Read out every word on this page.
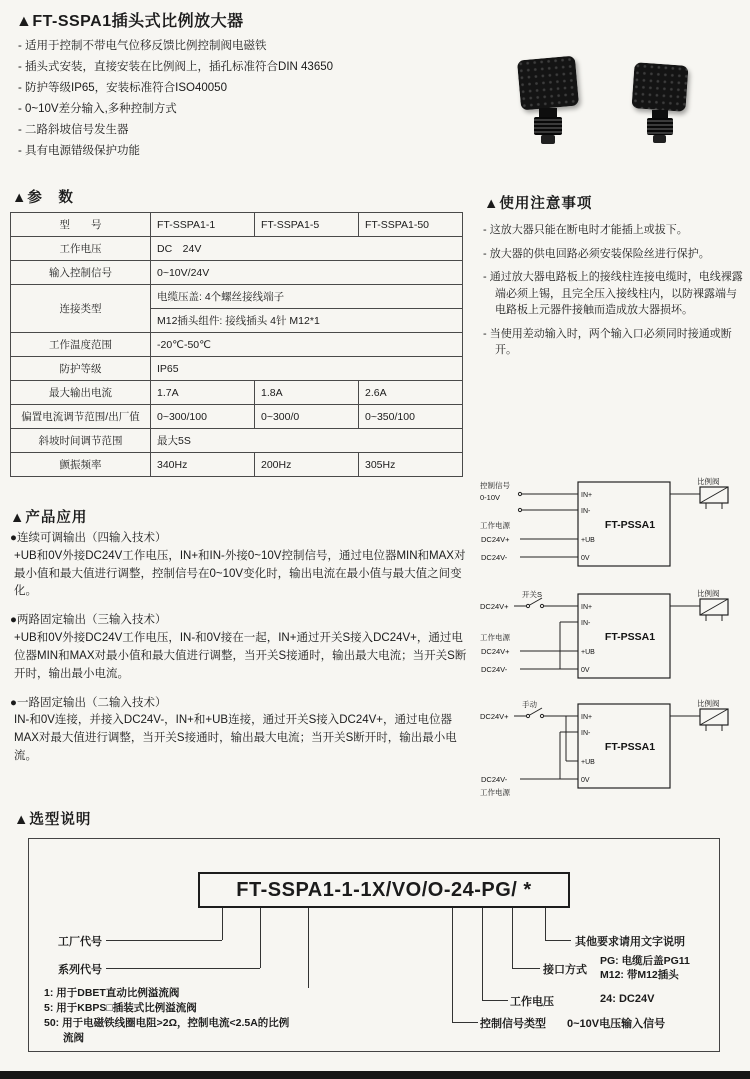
▲FT-SSPA1插头式比例放大器
- 适用于控制不带电气位移反馈比例控制阀电磁铁
- 插头式安装，直接安装在比例阀上，插孔标准符合DIN 43650
- 防护等级IP65，安装标准符合ISO40050
- 0~10V差分输入,多种控制方式
- 二路斜坡信号发生器
- 具有电源错级保护功能
▲参　数
型　　号	FT-SSPA1-1	FT-SSPA1-5	FT-SSPA1-50
工作电压	DC　24V		
输入控制信号	0~10V/24V		
连接类型	电缆压盖: 4个螺丝接线端子		
	M12插头组件: 接线插头 4针 M12*1		
工作温度范围	-20℃-50℃		
防护等级	IP65		
最大输出电流	1.7A	1.8A	2.6A
偏置电流调节范围/出厂值	0~300/100	0~300/0	0~350/100
斜坡时间调节范围	最大5S		
颤振频率	340Hz	200Hz	305Hz
▲使用注意事项
- 这放大器只能在断电时才能插上或拔下。
- 放大器的供电回路必须安装保险丝进行保护。
- 通过放大器电路板上的接线柱连接电缆时，电线裸露端必须上锡，且完全压入接线柱内，以防裸露端与电路板上元器件接触而造成放大器损坏。
- 当使用差动输入时，两个输入口必须同时接通或断开。
控制信号
0-10V
工作电源
DC24V+
DC24V-
IN+
IN-
+UB
0V
FT-PSSA1
比例阀
开关S
DC24V+
工作电源
DC24V+
DC24V-
IN+
IN-
+UB
0V
FT-PSSA1
比例阀
手动
DC24V+
DC24V-
工作电源
IN+
IN-
+UB
0V
FT-PSSA1
比例阀
▲产品应用
●连续可调输出（四输入技术）
+UB和0V外接DC24V工作电压，IN+和IN-外接0~10V控制信号，通过电位器MIN和MAX对最小值和最大值进行调整，控制信号在0~10V变化时，输出电流在最小值与最大值之间变化。
●两路固定输出（三输入技术）
+UB和0V外接DC24V工作电压，IN-和0V接在一起，IN+通过开关S接入DC24V+，通过电位器MIN和MAX对最小值和最大值进行调整，当开关S接通时，输出最大电流；当开关S断开时，输出最小电流。
●一路固定输出（二输入技术）
IN-和0V连接，并接入DC24V-，IN+和+UB连接，通过开关S接入DC24V+，通过电位器MAX对最大值进行调整，当开关S接通时，输出最大电流；当开关S断开时，输出最小电流。
▲选型说明
FT-SSPA1-1-1X/VO/O-24-PG/ *
工厂代号
系列代号
1: 用于DBET直动比例溢流阀
5: 用于KBPS□插装式比例溢流阀
50: 用于电磁铁线圈电阻>2Ω，控制电流<2.5A的比例流阀
其他要求请用文字说明
接口方式
PG: 电缆后盖PG11
M12: 带M12插头
工作电压	24: DC24V
控制信号类型 0~10V电压输入信号
